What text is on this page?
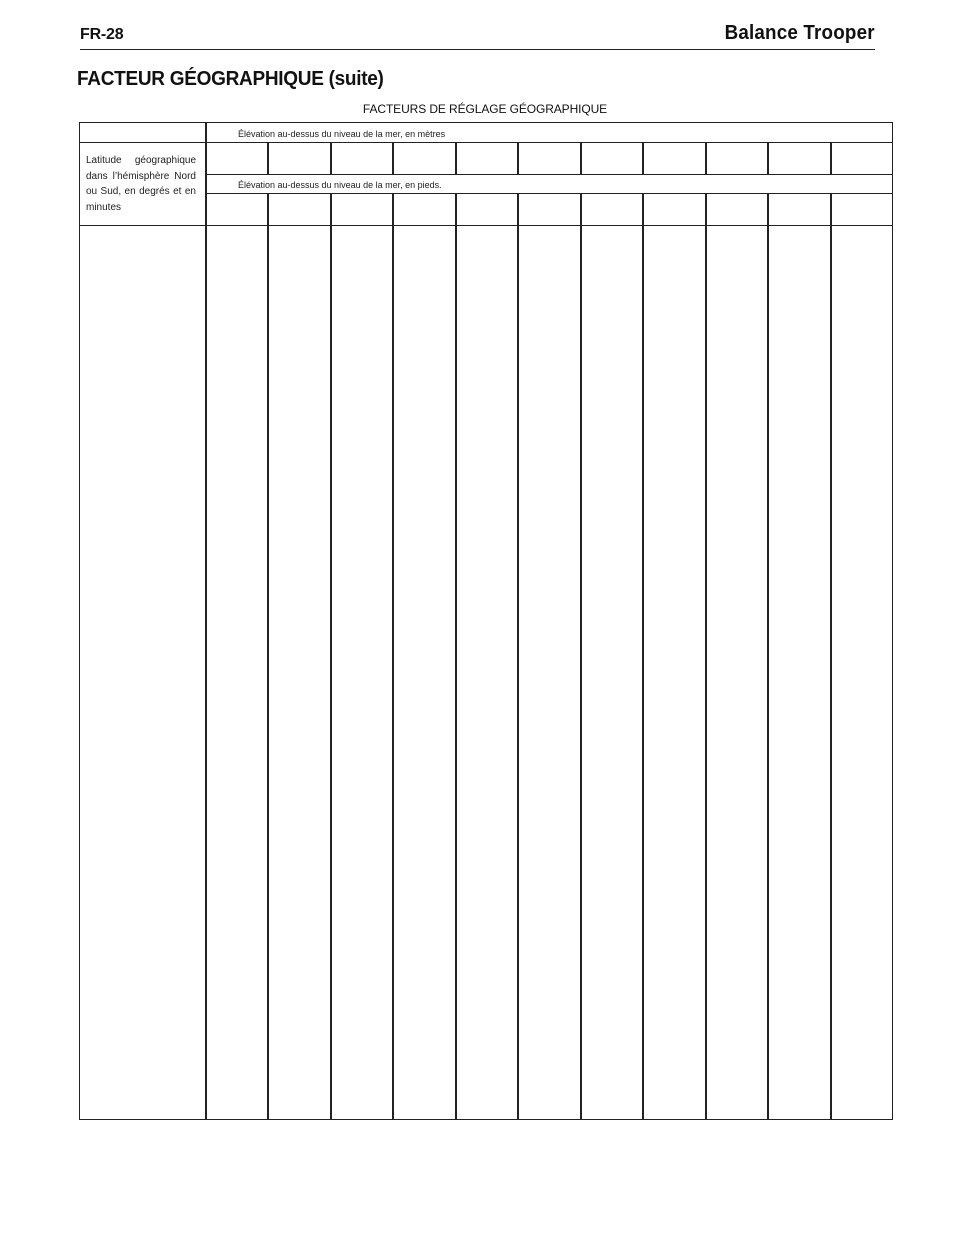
FR-28	Balance Trooper
FACTEUR GÉOGRAPHIQUE (suite)
FACTEURS DE RÉGLAGE GÉOGRAPHIQUE
Latitude géographique dans l’hémisphère Nord ou Sud, en degrés et en minutes
Élévation au-dessus du niveau de la mer, en mètres
Élévation au-dessus du niveau de la mer, en pieds.
